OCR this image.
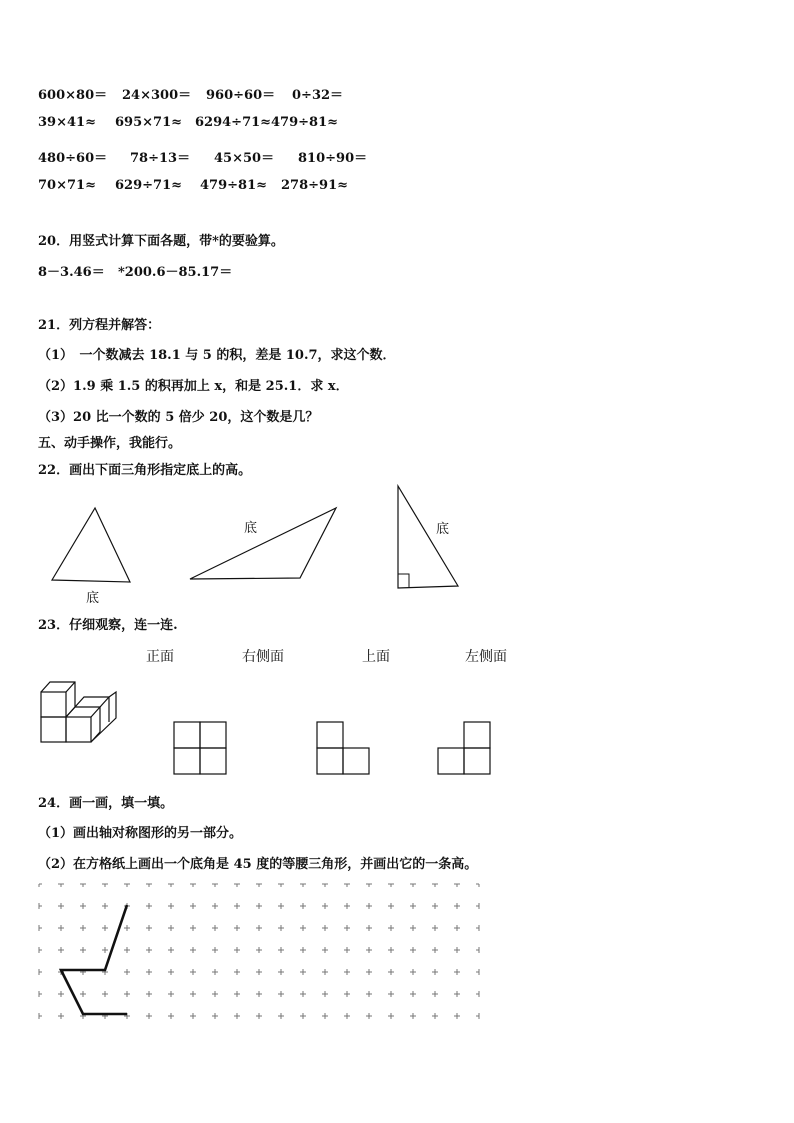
600×80＝ 24×300＝ 960÷60＝ 0÷32＝
39×41≈ 695×71≈ 6294÷71≈ 479÷81≈
480÷60＝ 78÷13＝ 45×50＝ 810÷90＝
70×71≈ 629÷71≈ 479÷81≈ 278÷91≈
20．用竖式计算下面各题，带*的要验算。
8－3.46＝ *200.6－85.17＝
21．列方程并解答：
（1）　一个数减去 18.1 与 5 的积，差是 10.7，求这个数．
（2）1.9 乘 1.5 的积再加上 x，和是 25.1．求 x．
（3）20 比一个数的 5 倍少 20，这个数是几？
五、动手操作，我能行。
22．画出下面三角形指定底上的高。
底
底	底
23．仔细观察，连一连.
正面	右侧面	上面	左侧面
24．画一画，填一填。
（1）画出轴对称图形的另一部分。
（2）在方格纸上画出一个底角是 45 度的等腰三角形，并画出它的一条高。
